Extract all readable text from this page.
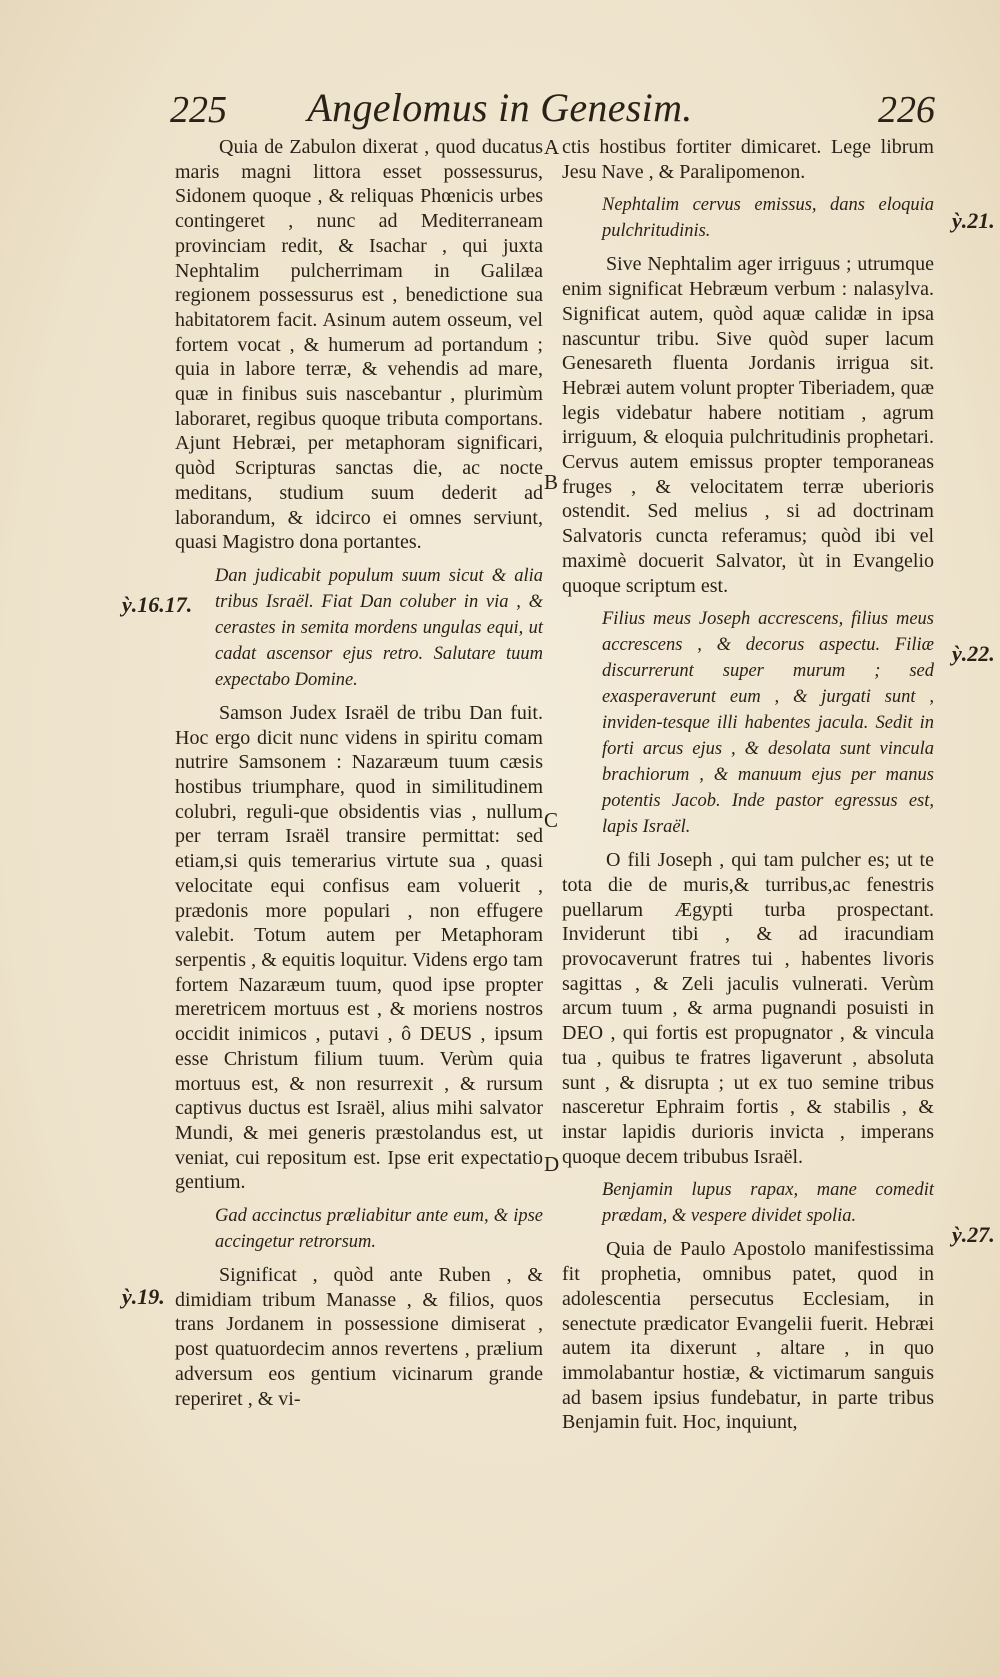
225	Angelomus in Genesim.	226
ỳ.16.17.
ỳ.19.
ỳ.21.
ỳ.22.
ỳ.27.
A
B
C
D

Quia de Zabulon dixerat , quod ducatus maris magni littora esset possessurus, Sidonem quoque , & reliquas Phœnicis urbes contingeret , nunc ad Mediterraneam provinciam redit, & Isachar , qui juxta Nephtalim pulcherrimam in Galilæa regionem possessurus est , benedictione sua habitatorem facit. Asinum autem osseum, vel fortem vocat , & humerum ad portandum ; quia in labore terræ, & vehendis ad mare, quæ in finibus suis nascebantur , plurimùm laboraret, regibus quoque tributa comportans. Ajunt Hebræi, per metaphoram significari, quòd Scripturas sanctas die, ac nocte meditans, studium suum dederit ad laborandum, & idcirco ei omnes serviunt, quasi Magistro dona portantes.

Dan judicabit populum suum sicut & alia tribus Israël. Fiat Dan coluber in via , & cerastes in semita mordens ungulas equi, ut cadat ascensor ejus retro. Salutare tuum expectabo Domine.

Samson Judex Israël de tribu Dan fuit. Hoc ergo dicit nunc videns in spiritu comam nutrire Samsonem : Nazaræum tuum cæsis hostibus triumphare, quod in similitudinem colubri, reguli-que obsidentis vias , nullum per terram Israël transire permittat: sed etiam,si quis temerarius virtute sua , quasi velocitate equi confisus eam voluerit , prædonis more populari , non effugere valebit. Totum autem per Metaphoram serpentis , & equitis loquitur. Videns ergo tam fortem Nazaræum tuum, quod ipse propter meretricem mortuus est , & moriens nostros occidit inimicos , putavi , ô DEUS , ipsum esse Christum filium tuum. Verùm quia mortuus est, & non resurrexit , & rursum captivus ductus est Israël, alius mihi salvator Mundi, & mei generis præstolandus est, ut veniat, cui repositum est. Ipse erit expectatio gentium.

Gad accinctus præliabitur ante eum, & ipse accingetur retrorsum.

Significat , quòd ante Ruben , & dimidiam tribum Manasse , & filios, quos trans Jordanem in possessione dimiserat , post quatuordecim annos revertens , prælium adversum eos gentium vicinarum grande reperiret , & vi-

ctis hostibus fortiter dimicaret. Lege librum Jesu Nave , & Paralipomenon.

Nephtalim cervus emissus, dans eloquia pulchritudinis.

Sive Nephtalim ager irriguus ; utrumque enim significat Hebræum verbum : nalasylva. Significat autem, quòd aquæ calidæ in ipsa nascuntur tribu. Sive quòd super lacum Genesareth fluenta Jordanis irrigua sit. Hebræi autem volunt propter Tiberiadem, quæ legis videbatur habere notitiam , agrum irriguum, & eloquia pulchritudinis prophetari. Cervus autem emissus propter temporaneas fruges , & velocitatem terræ uberioris ostendit. Sed melius , si ad doctrinam Salvatoris cuncta referamus; quòd ibi vel maximè docuerit Salvator, ùt in Evangelio quoque scriptum est.

Filius meus Joseph accrescens, filius meus accrescens , & decorus aspectu. Filiæ discurrerunt super murum ; sed exasperaverunt eum , & jurgati sunt , inviden-tesque illi habentes jacula. Sedit in forti arcus ejus , & desolata sunt vincula brachiorum , & manuum ejus per manus potentis Jacob. Inde pastor egressus est, lapis Israël.

O fili Joseph , qui tam pulcher es; ut te tota die de muris,& turribus,ac fenestris puellarum Ægypti turba prospectant. Inviderunt tibi , & ad iracundiam provocaverunt fratres tui , habentes livoris sagittas , & Zeli jaculis vulnerati. Verùm arcum tuum , & arma pugnandi posuisti in DEO , qui fortis est propugnator , & vincula tua , quibus te fratres ligaverunt , absoluta sunt , & disrupta ; ut ex tuo semine tribus nasceretur Ephraim fortis , & stabilis , & instar lapidis durioris invicta , imperans quoque decem tribubus Israël.

Benjamin lupus rapax, mane comedit prædam, & vespere dividet spolia.

Quia de Paulo Apostolo manifestissima fit prophetia, omnibus patet, quod in adolescentia persecutus Ecclesiam, in senectute prædicator Evangelii fuerit. Hebræi autem ita dixerunt , altare , in quo immolabantur hostiæ, & victimarum sanguis ad basem ipsius fundebatur, in parte tribus Benjamin fuit. Hoc, inquiunt,
